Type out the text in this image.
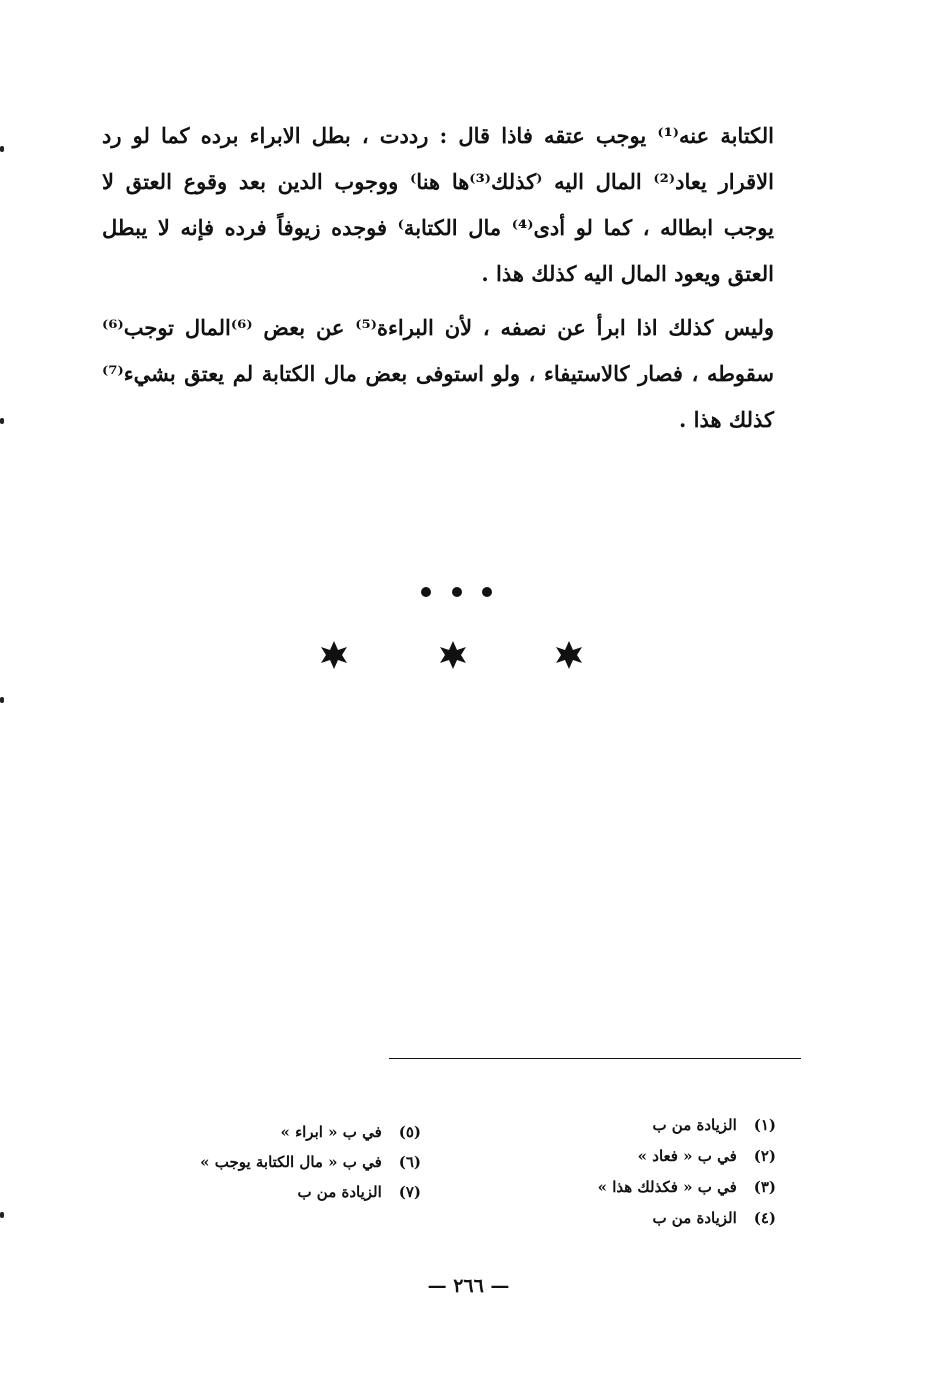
الكتابة عنه⁽¹⁾ يوجب عتقه فاذا قال : رددت ، بطل الابراء برده كما لو رد الاقرار يعاد⁽²⁾ المال اليه ⁽كذلك⁽³⁾ها هنا⁾ ووجوب الدين بعد وقوع العتق لا يوجب ابطاله ، كما لو أدى⁽⁴⁾ مال الكتابة⁾ فوجده زيوفاً فرده فإنه لا يبطل العتق ويعود المال اليه كذلك هذا .

وليس كذلك اذا ابرأ عن نصفه ، لأن البراءة⁽⁵⁾ عن بعض ⁽⁶⁾المال توجب⁽⁶⁾ سقوطه ، فصار كالاستيفاء ، ولو استوفى بعض مال الكتابة لم يعتق بشيء⁽⁷⁾ كذلك هذا .

(١) الزيادة من ب
(٢) في ب « فعاد »
(٣) في ب « فكذلك هذا »
(٤) الزيادة من ب
(٥) في ب « ابراء »
(٦) في ب « مال الكتابة يوجب »
(٧) الزيادة من ب
— ٢٦٦ —
